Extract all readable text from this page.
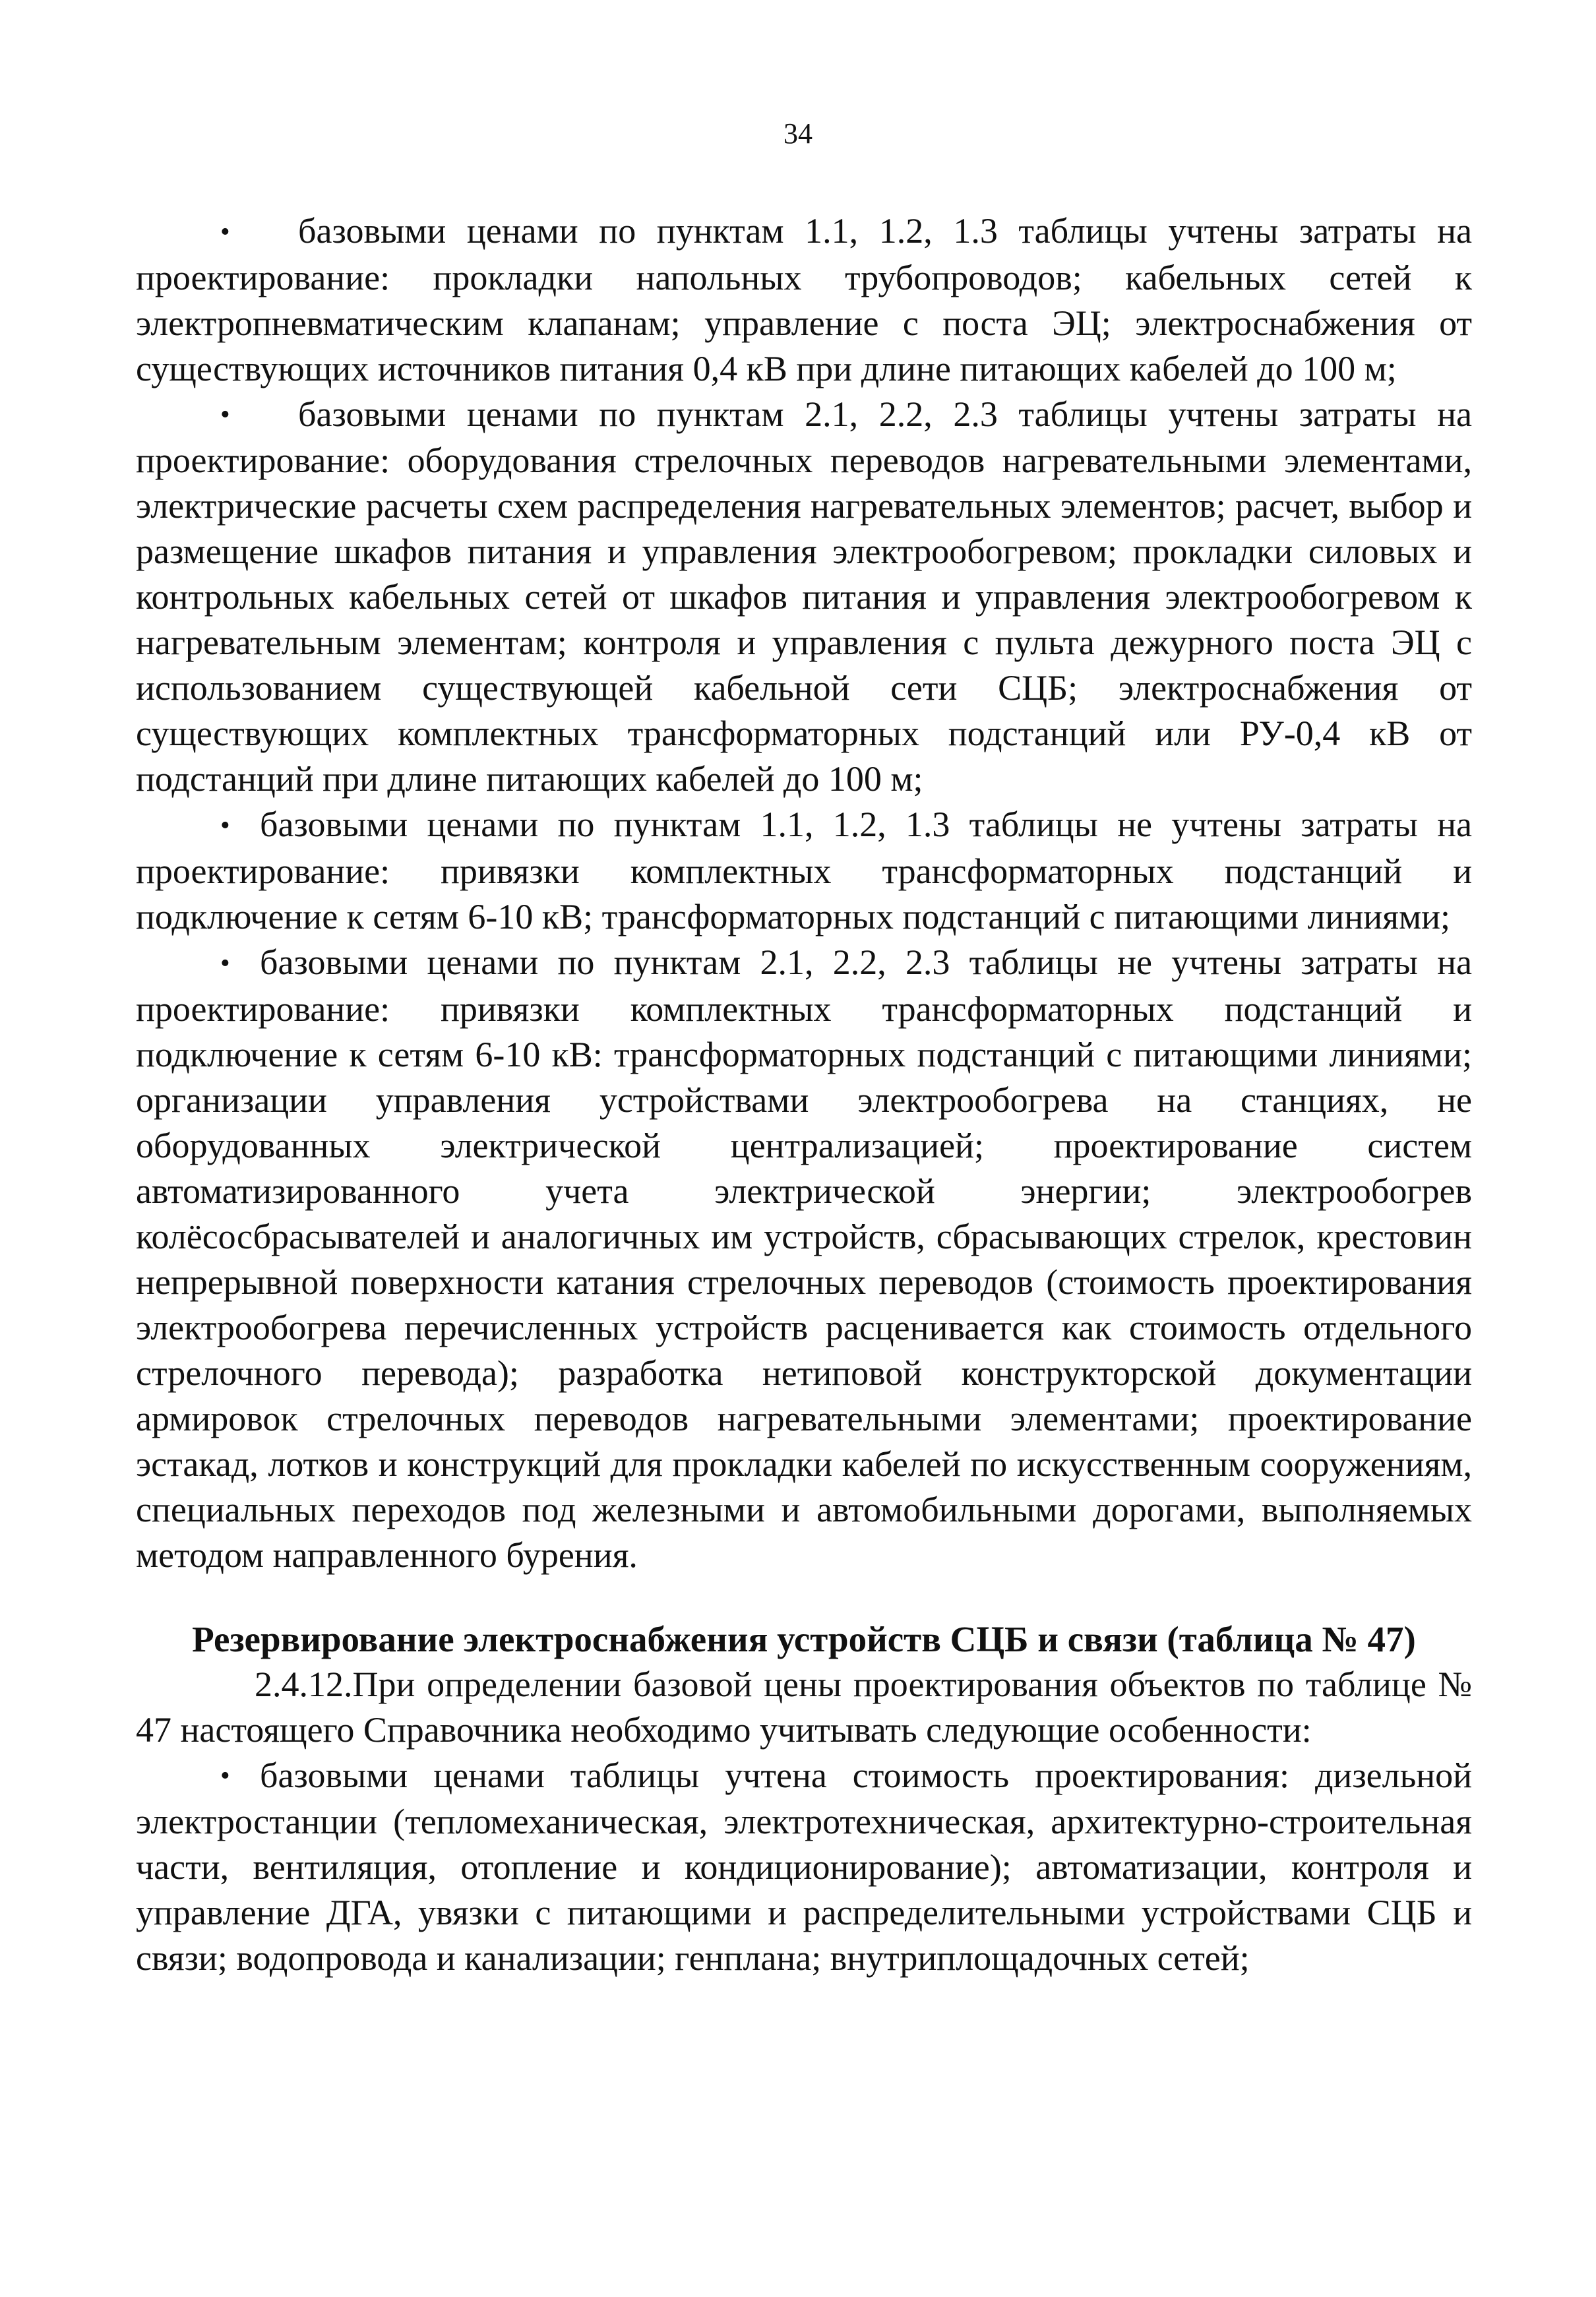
34

• базовыми ценами по пунктам 1.1, 1.2, 1.3 таблицы учтены затраты на проектирование: прокладки напольных трубопроводов; кабельных сетей к электропневматическим клапанам; управление с поста ЭЦ; электроснабжения от существующих источников питания 0,4 кВ при длине питающих кабелей до 100 м;

• базовыми ценами по пунктам 2.1, 2.2, 2.3 таблицы учтены затраты на проектирование: оборудования стрелочных переводов нагревательными элементами, электрические расчеты схем распределения нагревательных элементов; расчет, выбор и размещение шкафов питания и управления электрообогревом; прокладки силовых и контрольных кабельных сетей от шкафов питания и управления электрообогревом к нагревательным элементам; контроля и управления с пульта дежурного поста ЭЦ с использованием существующей кабельной сети СЦБ; электроснабжения от существующих комплектных трансформаторных подстанций или РУ-0,4 кВ от подстанций при длине питающих кабелей до 100 м;

• базовыми ценами по пунктам 1.1, 1.2, 1.3 таблицы не учтены затраты на проектирование: привязки комплектных трансформаторных подстанций и подключение к сетям 6-10 кВ; трансформаторных подстанций с питающими линиями;

• базовыми ценами по пунктам 2.1, 2.2, 2.3 таблицы не учтены затраты на проектирование: привязки комплектных трансформаторных подстанций и подключение к сетям 6-10 кВ: трансформаторных подстанций с питающими линиями; организации управления устройствами электрообогрева на станциях, не оборудованных электрической централизацией; проектирование систем автоматизированного учета электрической энергии; электрообогрев колёсосбрасывателей и аналогичных им устройств, сбрасывающих стрелок, крестовин непрерывной поверхности катания стрелочных переводов (стоимость проектирования электрообогрева перечисленных устройств расценивается как стоимость отдельного стрелочного перевода); разработка нетиповой конструкторской документации армировок стрелочных переводов нагревательными элементами; проектирование эстакад, лотков и конструкций для прокладки кабелей по искусственным сооружениям, специальных переходов под железными и автомобильными дорогами, выполняемых методом направленного бурения.

Резервирование электроснабжения устройств СЦБ и связи (таблица № 47)

2.4.12.При определении базовой цены проектирования объектов по таблице № 47 настоящего Справочника необходимо учитывать следующие особенности:

• базовыми ценами таблицы учтена стоимость проектирования: дизельной электростанции (тепломеханическая, электротехническая, архитектурно-строительная части, вентиляция, отопление и кондиционирование); автоматизации, контроля и управление ДГА, увязки с питающими и распределительными устройствами СЦБ и связи; водопровода и канализации; генплана; внутриплощадочных сетей;
